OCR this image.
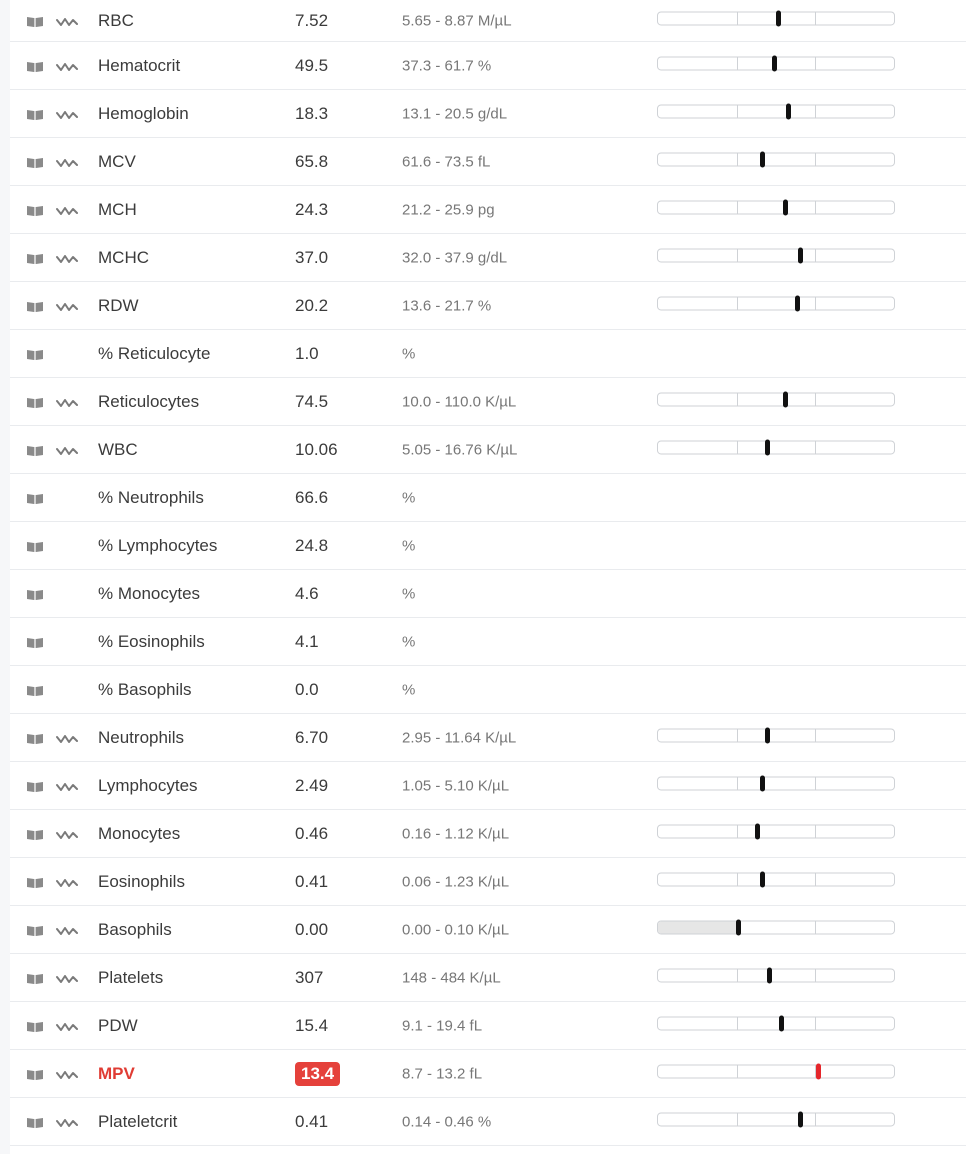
RBC	7.52	5.65 - 8.87 M/µL
Hematocrit	49.5	37.3 - 61.7 %
Hemoglobin	18.3	13.1 - 20.5 g/dL
MCV	65.8	61.6 - 73.5 fL
MCH	24.3	21.2 - 25.9 pg
MCHC	37.0	32.0 - 37.9 g/dL
RDW	20.2	13.6 - 21.7 %
% Reticulocyte	1.0	%
Reticulocytes	74.5	10.0 - 110.0 K/µL
WBC	10.06	5.05 - 16.76 K/µL
% Neutrophils	66.6	%
% Lymphocytes	24.8	%
% Monocytes	4.6	%
% Eosinophils	4.1	%
% Basophils	0.0	%
Neutrophils	6.70	2.95 - 11.64 K/µL
Lymphocytes	2.49	1.05 - 5.10 K/µL
Monocytes	0.46	0.16 - 1.12 K/µL
Eosinophils	0.41	0.06 - 1.23 K/µL
Basophils	0.00	0.00 - 0.10 K/µL
Platelets	307	148 - 484 K/µL
PDW	15.4	9.1 - 19.4 fL
MPV	13.4	8.7 - 13.2 fL
Plateletcrit	0.41	0.14 - 0.46 %
